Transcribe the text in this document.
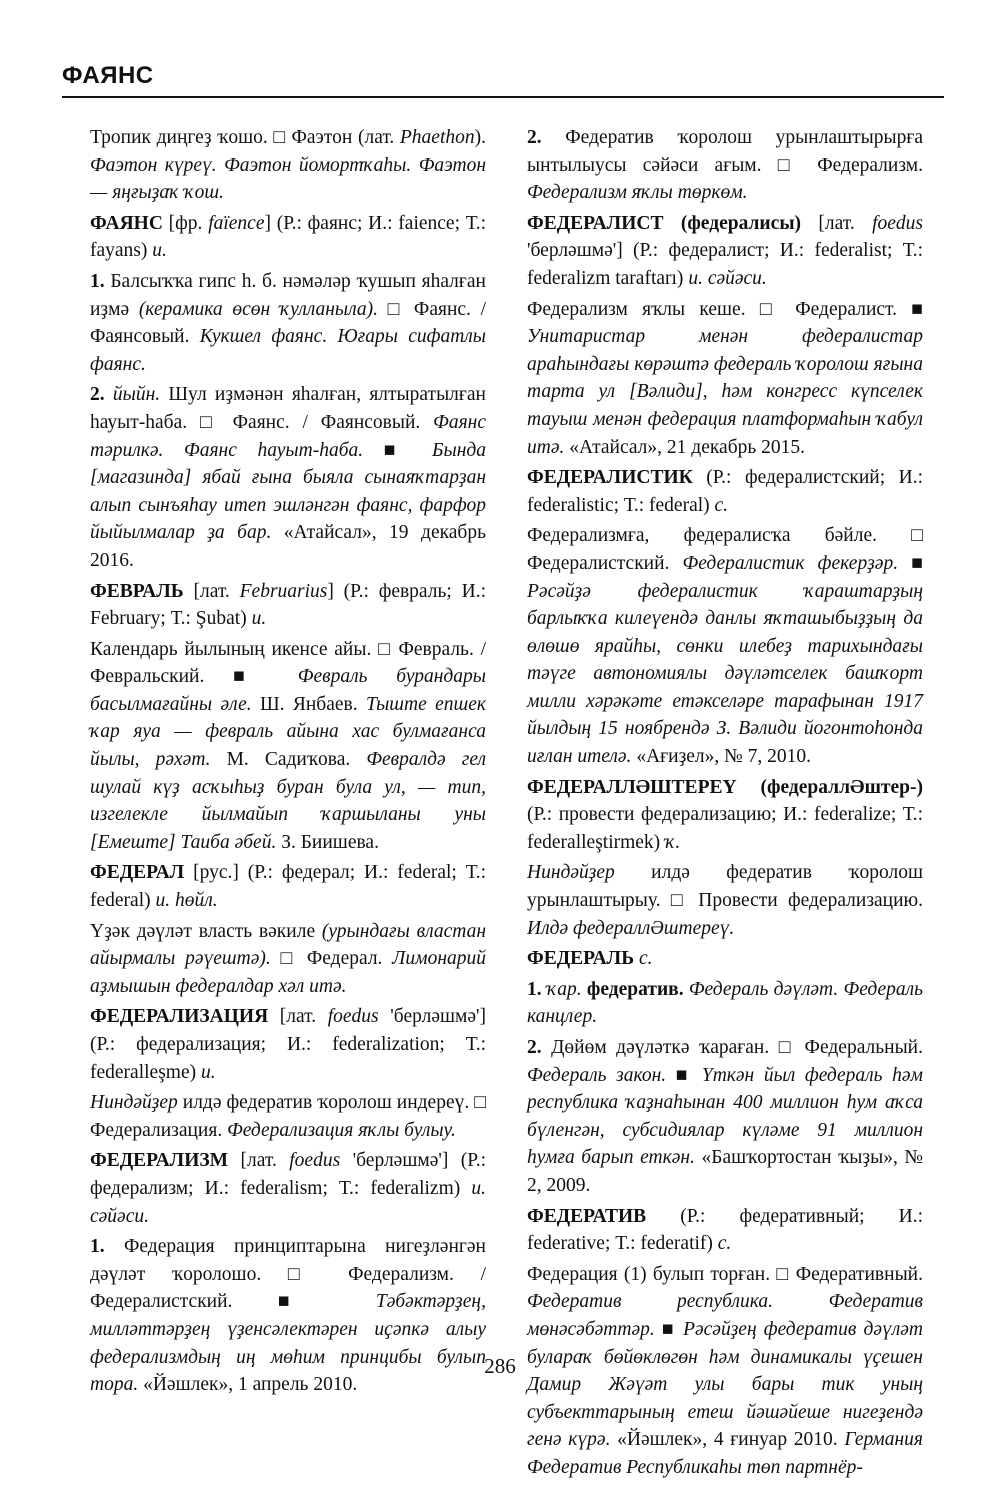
ФАЯНС

Тропик диңгеҙ ҡошо. □ Фаэтон (лат. Phaethon). Фаэтон күреү. Фаэтон йомортҡаһы. Фаэтон — яңғыҙаҡ ҡош.

ФАЯНС [фр. faïence] (Р.: фаянс; И.: faience; Т.: fayans) и.

1. Балсыҡҡа гипс һ. б. нәмәләр ҡушып яһалған иҙмә (керамика өсөн ҡулланыла). □ Фаянс. / Фаянсовый. Кукшел фаянс. Юғары сифатлы фаянс.

2. йыйн. Шул иҙмәнән яһалған, ялтыратылған һауыт-һаба. □ Фаянс. / Фаянсовый. Фаянс тәрилкә. Фаянс һауыт-һаба. ■ Бында [магазинда] ябай ғына быяла сынаяҡтарҙан алып сынъяһау итеп эшләнгән фаянс, фарфор йыйылмалар ҙа бар. «Атайсал», 19 декабрь 2016.

ФЕВРАЛЬ [лат. Februarius] (Р.: февраль; И.: February; Т.: Şubat) и.

Календарь йылының икенсе айы. □ Февраль. / Февральский. ■ Февраль бурандары басылмағайны әле. Ш. Янбаев. Тыште епшек ҡар яуа — февраль айына хас булмағанса йылы, рәхәт. М. Садиҡова. Февралдә гел шулай күҙ асҡыһыҙ буран була ул, — тип, изгелекле йылмайып ҡаршыланы уны [Емеште] Таиба әбей. З. Биишева.

ФЕДЕРАЛ [рус.] (Р.: федерал; И.: federal; Т.: federal) и. һөйл.

Үҙәк дәүләт власть вәкиле (урындағы властан айырмалы рәүештә). □ Федерал. Лимонарий аҙмышын федералдар хәл итә.

ФЕДЕРАЛИЗАЦИЯ [лат. foedus 'берләшмә'] (Р.: федерализация; И.: federalization; Т.: federalleşme) и.

Ниндәйҙер илдә федератив ҡоролош индереү. □ Федерализация. Федерализация яҡлы булыу.

ФЕДЕРАЛИЗМ [лат. foedus 'берләшмә'] (Р.: федерализм; И.: federalism; Т.: federalizm) и. сәйәси.

1. Федерация принциптарына нигеҙләнгән дәүләт ҡоролошо. □ Федерализм. / Федералистский. ■ Тәбәктәрҙең, милләттәрҙең үҙенсәлектәрен иҫәпкә алыу федерализмдың иң мөһим принцибы булып тора. «Йәшлек», 1 апрель 2010.

2. Федератив ҡоролош урынлаштырырға ынтылыусы сәйәси ағым. □ Федерализм. Федерализм яҡлы төркөм.

ФЕДЕРАЛИСТ (федералисы) [лат. foedus 'берләшмә'] (Р.: федералист; И.: federalist; Т.: federalizm taraftarı) и. сәйәси.

Федерализм яҡлы кеше. □ Федералист. ■ Унитаристар менән федералистар араһындағы көрәштә федераль ҡоролош яғына тарта ул [Вәлиди], һәм конгресс күпселек тауыш менән федерация платформаһын ҡабул итә. «Атайсал», 21 декабрь 2015.

ФЕДЕРАЛИСТИК (Р.: федералистский; И.: federalistic; Т.: federal) с.

Федерализмға, федералисҡа бәйле. □ Федералистский. Федералистик фекерҙәр. ■ Рәсәйҙә федералистик ҡараштарҙың барлыҡҡа килеүендә данлы яҡташыбыҙҙың да өлөшө ярайһы, сөнки илебеҙ тарихындағы тәүге автономиялы дәүләтселек башҡорт милли хәрәкәте етәкселәре тарафынан 1917 йылдың 15 ноябрендә З. Вәлиди йогонтоhонда иғлан ителә. «Ағиҙел», № 7, 2010.

ФЕДЕРАЛЛӘШТЕРЕҮ (федераллӘштер-) (Р.: провести федерализацию; И.: federalize; Т.: federalleştirmek) ҡ.

Ниндәйҙер илдә федератив ҡоролош урынлаштырыу. □ Провести федерализацию. Илдә федераллӘштереү.

ФЕДЕРАЛЬ с.

1. ҡар. федератив. Федераль дәүләт. Федераль канцлер.

2. Дөйөм дәүләткә ҡараған. □ Федеральный. Федераль закон. ■ Үткән йыл федераль һәм республика ҡаҙнаһынан 400 миллион һум аҡса бүленгән, субсидиялар күләме 91 миллион һумға барып еткән. «Башҡортостан ҡыҙы», № 2, 2009.

ФЕДЕРАТИВ (Р.: федеративный; И.: federative; Т.: federatif) с.

Федерация (1) булып торған. □ Федеративный. Федератив республика. Федератив мөнәсәбәттәр. ■ Рәсәйҙең федератив дәүләт булараҡ бөйөклөгөн һәм динамикалы үҫешен Дамир Жәүәт улы бары тик уның субъекттарының етеш йәшәйеше нигеҙендә генә күрә. «Йәшлек», 4 ғинуар 2010. Германия Федератив Республикаһы төп партнёр-

286
